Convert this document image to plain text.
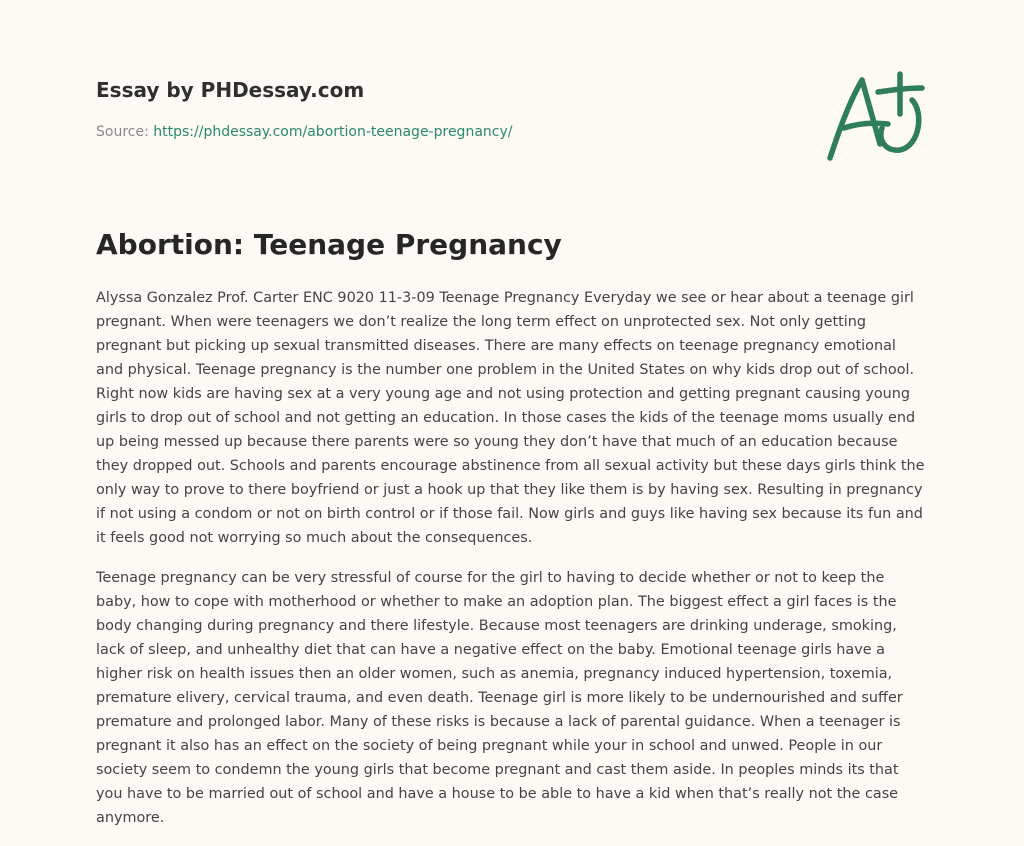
Essay by PHDessay.com
Source: https://phdessay.com/abortion-teenage-pregnancy/
Abortion: Teenage Pregnancy

Alyssa Gonzalez Prof. Carter ENC 9020 11-3-09 Teenage Pregnancy Everyday we see or hear about a teenage girl pregnant. When were teenagers we don’t realize the long term effect on unprotected sex. Not only getting pregnant but picking up sexual transmitted diseases. There are many effects on teenage pregnancy emotional and physical. Teenage pregnancy is the number one problem in the United States on why kids drop out of school. Right now kids are having sex at a very young age and not using protection and getting pregnant causing young girls to drop out of school and not getting an education. In those cases the kids of the teenage moms usually end up being messed up because there parents were so young they don’t have that much of an education because they dropped out. Schools and parents encourage abstinence from all sexual activity but these days girls think the only way to prove to there boyfriend or just a hook up that they like them is by having sex. Resulting in pregnancy if not using a condom or not on birth control or if those fail. Now girls and guys like having sex because its fun and it feels good not worrying so much about the consequences.

Teenage pregnancy can be very stressful of course for the girl to having to decide whether or not to keep the baby, how to cope with motherhood or whether to make an adoption plan. The biggest effect a girl faces is the body changing during pregnancy and there lifestyle. Because most teenagers are drinking underage, smoking, lack of sleep, and unhealthy diet that can have a negative effect on the baby. Emotional teenage girls have a higher risk on health issues then an older women, such as anemia, pregnancy induced hypertension, toxemia, premature elivery, cervical trauma, and even death. Teenage girl is more likely to be undernourished and suffer premature and prolonged labor. Many of these risks is because a lack of parental guidance. When a teenager is pregnant it also has an effect on the society of being pregnant while your in school and unwed. People in our society seem to condemn the young girls that become pregnant and cast them aside. In peoples minds its that you have to be married out of school and have a house to be able to have a kid when that’s really not the case anymore.
